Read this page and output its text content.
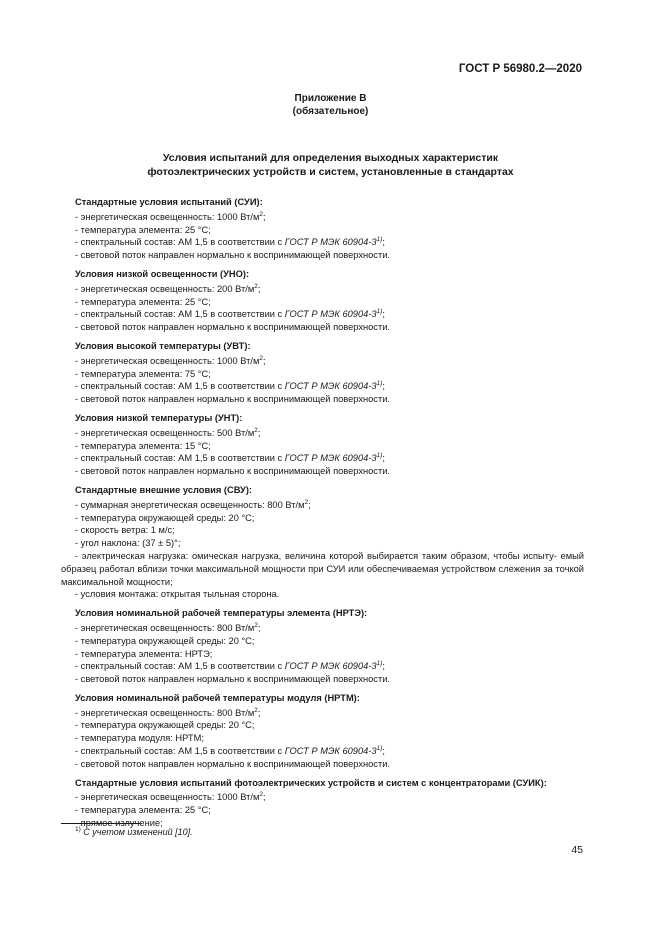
ГОСТ Р 56980.2—2020
Приложение В
(обязательное)
Условия испытаний для определения выходных характеристик
фотоэлектрических устройств и систем, установленные в стандартах
Стандартные условия испытаний (СУИ):
- энергетическая освещенность: 1000 $Вт/м^2$;
- температура элемента: 25 °С;
- спектральный состав: АМ 1,5 в соответствии с ГОСТ Р МЭК 60904-3$^{1)}$;
- световой поток направлен нормально к воспринимающей поверхности.
Условия низкой освещенности (УНО):
- энергетическая освещенность: 200 $Вт/м^2$;
- температура элемента: 25 °С;
- спектральный состав: АМ 1,5 в соответствии с ГОСТ Р МЭК 60904-3$^{1)}$;
- световой поток направлен нормально к воспринимающей поверхности.
Условия высокой температуры (УВТ):
- энергетическая освещенность: 1000 $Вт/м^2$;
- температура элемента: 75 °С;
- спектральный состав: АМ 1,5 в соответствии с ГОСТ Р МЭК 60904-3$^{1)}$;
- световой поток направлен нормально к воспринимающей поверхности.
Условия низкой температуры (УНТ):
- энергетическая освещенность: 500 $Вт/м^2$;
- температура элемента: 15 °С;
- спектральный состав: АМ 1,5 в соответствии с ГОСТ Р МЭК 60904-3$^{1)}$;
- световой поток направлен нормально к воспринимающей поверхности.
Стандартные внешние условия (СВУ):
- суммарная энергетическая освещенность: 800 $Вт/м^2$;
- температура окружающей среды: 20 °С;
- скорость ветра: 1 м/с;
- угол наклона: (37 ± 5)°;
- электрическая нагрузка: омическая нагрузка, величина которой выбирается таким образом, чтобы испыту- емый образец работал вблизи точки максимальной мощности при СУИ или обеспечиваемая устройством слежения за точкой максимальной мощности;
- условия монтажа: открытая тыльная сторона.
Условия номинальной рабочей температуры элемента (НРТЭ):
- энергетическая освещенность: 800 $Вт/м^2$;
- температура окружающей среды: 20 °С;
- температура элемента: НРТЭ;
- спектральный состав: АМ 1,5 в соответствии с ГОСТ Р МЭК 60904-3$^{1)}$;
- световой поток направлен нормально к воспринимающей поверхности.
Условия номинальной рабочей температуры модуля (НРТМ):
- энергетическая освещенность: 800 $Вт/м^2$;
- температура окружающей среды: 20 °С;
- температура модуля: НРТМ;
- спектральный состав: АМ 1,5 в соответствии с ГОСТ Р МЭК 60904-3$^{1)}$;
- световой поток направлен нормально к воспринимающей поверхности.
Стандартные условия испытаний фотоэлектрических устройств и систем с концентраторами (СУИК):
- энергетическая освещенность: 1000 $Вт/м^2$;
- температура элемента: 25 °С;
- прямое излучение;
$^{1)}$ С учетом изменений [10].
45
